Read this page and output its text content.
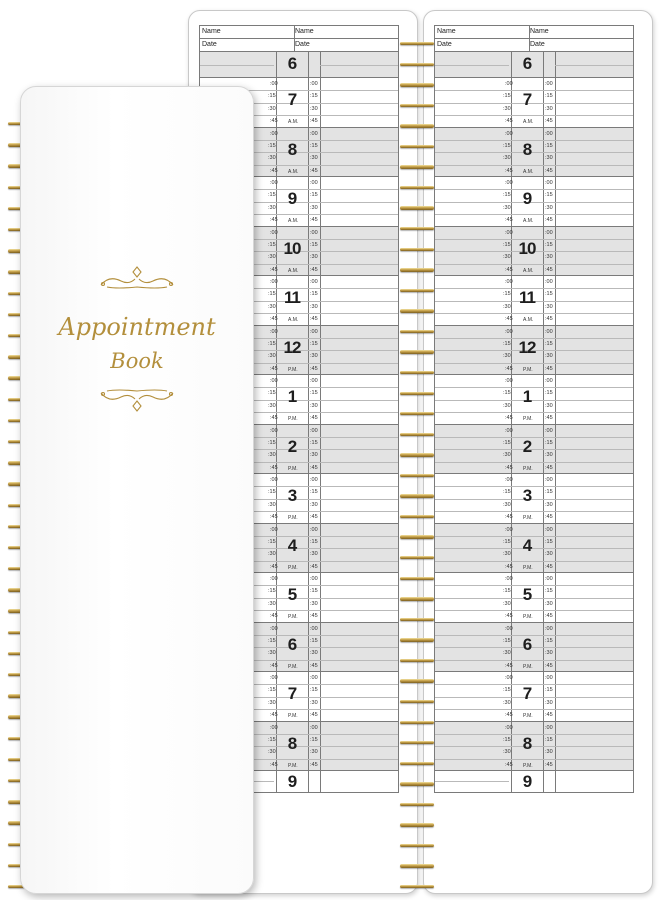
Name	Name
Date	Date
6
:00	:00
:15	:15
:30	:30
:45	:45
7
A.M.
:00	:00
:15	:15
:30	:30
:45	:45
8
A.M.
:00	:00
:15	:15
:30	:30
:45	:45
9
A.M.
:00	:00
:15	:15
:30	:30
:45	:45
10
A.M.
:00	:00
:15	:15
:30	:30
:45	:45
11
A.M.
:00	:00
:15	:15
:30	:30
:45	:45
12
P.M.
:00	:00
:15	:15
:30	:30
:45	:45
1
P.M.
:00	:00
:15	:15
:30	:30
:45	:45
2
P.M.
:00	:00
:15	:15
:30	:30
:45	:45
3
P.M.
:00	:00
:15	:15
:30	:30
:45	:45
4
P.M.
:00	:00
:15	:15
:30	:30
:45	:45
5
P.M.
:00	:00
:15	:15
:30	:30
:45	:45
6
P.M.
:00	:00
:15	:15
:30	:30
:45	:45
7
P.M.
:00	:00
:15	:15
:30	:30
:45	:45
8
P.M.
9
Name	Name
Date	Date
6
:00	:00
:15	:15
:30	:30
:45	:45
7
A.M.
:00	:00
:15	:15
:30	:30
:45	:45
8
A.M.
:00	:00
:15	:15
:30	:30
:45	:45
9
A.M.
:00	:00
:15	:15
:30	:30
:45	:45
10
A.M.
:00	:00
:15	:15
:30	:30
:45	:45
11
A.M.
:00	:00
:15	:15
:30	:30
:45	:45
12
P.M.
:00	:00
:15	:15
:30	:30
:45	:45
1
P.M.
:00	:00
:15	:15
:30	:30
:45	:45
2
P.M.
:00	:00
:15	:15
:30	:30
:45	:45
3
P.M.
:00	:00
:15	:15
:30	:30
:45	:45
4
P.M.
:00	:00
:15	:15
:30	:30
:45	:45
5
P.M.
:00	:00
:15	:15
:30	:30
:45	:45
6
P.M.
:00	:00
:15	:15
:30	:30
:45	:45
7
P.M.
:00	:00
:15	:15
:30	:30
:45	:45
8
P.M.
9
Appointment
Book
